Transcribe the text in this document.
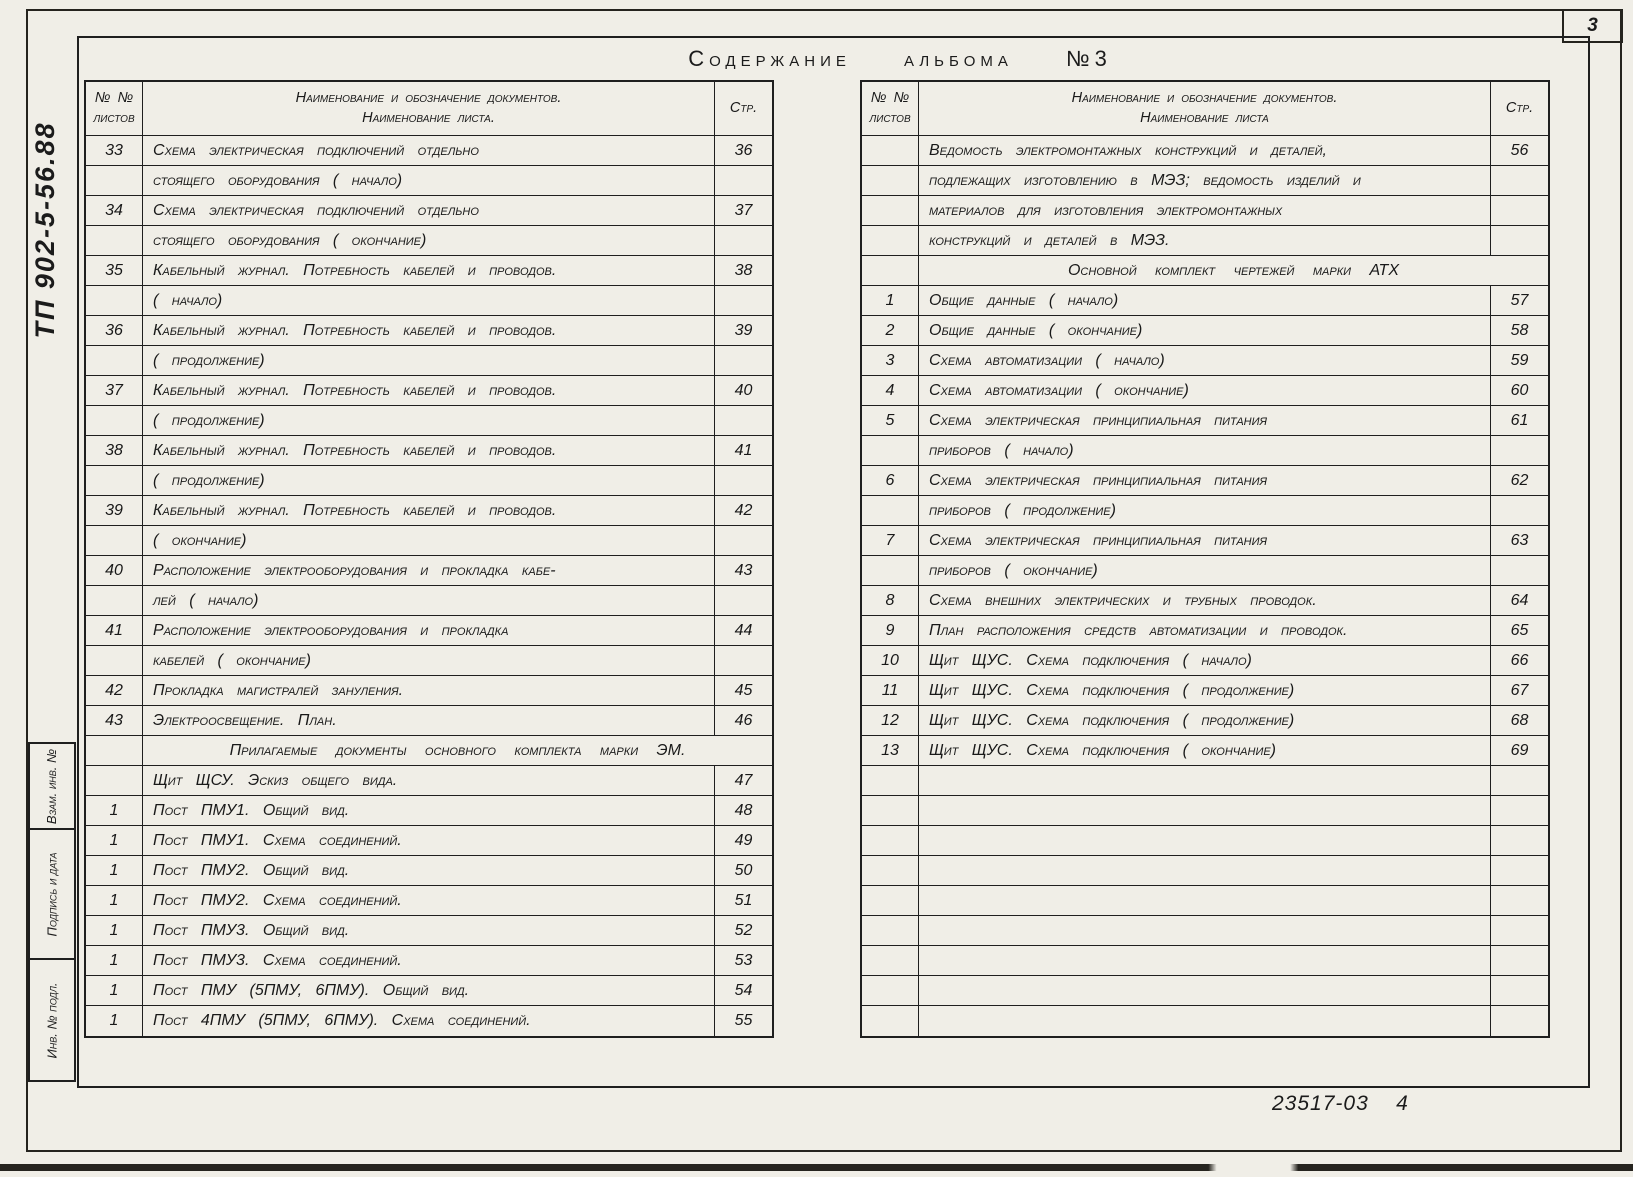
ТП 902-5-56.88
3
Содержание альбома №3
№ №
листов
Наименование и обозначение документов.
Наименование листа.
Стр.
33	Схема электрическая подключений отдельно	36
стоящего оборудования ( начало)
34	Схема электрическая подключений отдельно	37
стоящего оборудования ( окончание)
35	Кабельный журнал. Потребность кабелей и проводов.	38
( начало)
36	Кабельный журнал. Потребность кабелей и проводов.	39
( продолжение)
37	Кабельный журнал. Потребность кабелей и проводов.	40
( продолжение)
38	Кабельный журнал. Потребность кабелей и проводов.	41
( продолжение)
39	Кабельный журнал. Потребность кабелей и проводов.	42
( окончание)
40	Расположение электрооборудования и прокладка кабе-	43
лей ( начало)
41	Расположение электрооборудования и прокладка	44
кабелей ( окончание)
42	Прокладка магистралей зануления.	45
43	Электроосвещение. План.	46
Прилагаемые документы основного комплекта марки ЭМ.
Щит ЩСУ. Эскиз общего вида.	47
1	Пост ПМУ1. Общий вид.	48
1	Пост ПМУ1. Схема соединений.	49
1	Пост ПМУ2. Общий вид.	50
1	Пост ПМУ2. Схема соединений.	51
1	Пост ПМУ3. Общий вид.	52
1	Пост ПМУ3. Схема соединений.	53
1	Пост ПМУ (5ПМУ, 6ПМУ). Общий вид.	54
1	Пост 4ПМУ (5ПМУ, 6ПМУ). Схема соединений.	55
№ №
листов
Наименование и обозначение документов.
Наименование листа
Стр.
Ведомость электромонтажных конструкций и деталей,	56
подлежащих изготовлению в МЭЗ; ведомость изделий и
материалов для изготовления электромонтажных
конструкций и деталей в МЭЗ.
Основной комплект чертежей марки АТХ
1	Общие данные ( начало)	57
2	Общие данные ( окончание)	58
3	Схема автоматизации ( начало)	59
4	Схема автоматизации ( окончание)	60
5	Схема электрическая принципиальная питания	61
приборов ( начало)
6	Схема электрическая принципиальная питания	62
приборов ( продолжение)
7	Схема электрическая принципиальная питания	63
приборов ( окончание)
8	Схема внешних электрических и трубных проводок.	64
9	План расположения средств автоматизации и проводок.	65
10	Щит ЩУС. Схема подключения ( начало)	66
11	Щит ЩУС. Схема подключения ( продолжение)	67
12	Щит ЩУС. Схема подключения ( продолжение)	68
13	Щит ЩУС. Схема подключения ( окончание)	69
Взам. инв. №
Подпись и дата
Инв. № подл.
23517-03    4
